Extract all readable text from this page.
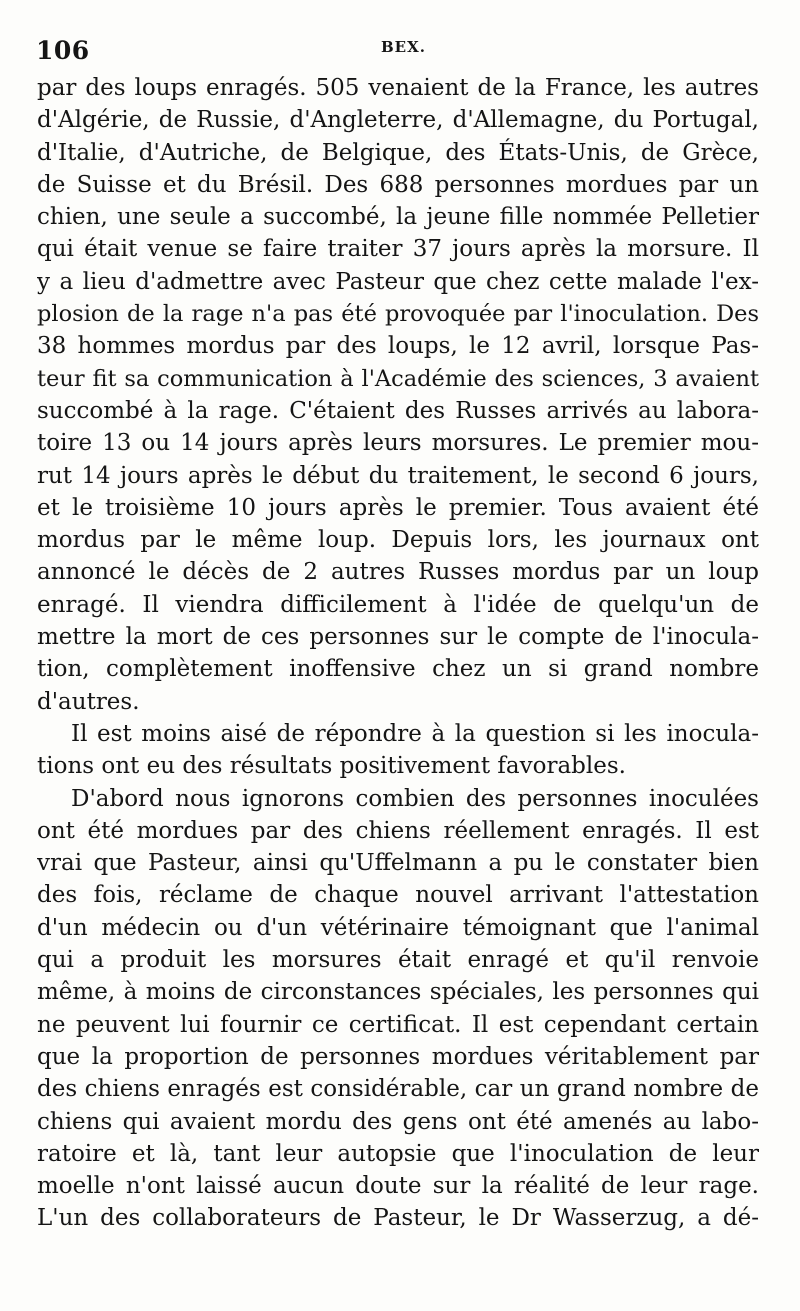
106	BEX.
par des loups enragés. 505 venaient de la France, les autres
d'Algérie, de Russie, d'Angleterre, d'Allemagne, du Portugal,
d'Italie, d'Autriche, de Belgique, des États-Unis, de Grèce,
de Suisse et du Brésil. Des 688 personnes mordues par un
chien, une seule a succombé, la jeune fille nommée Pelletier
qui était venue se faire traiter 37 jours après la morsure. Il
y a lieu d'admettre avec Pasteur que chez cette malade l'ex-
plosion de la rage n'a pas été provoquée par l'inoculation. Des
38 hommes mordus par des loups, le 12 avril, lorsque Pas-
teur fit sa communication à l'Académie des sciences, 3 avaient
succombé à la rage. C'étaient des Russes arrivés au labora-
toire 13 ou 14 jours après leurs morsures. Le premier mou-
rut 14 jours après le début du traitement, le second 6 jours,
et le troisième 10 jours après le premier. Tous avaient été
mordus par le même loup. Depuis lors, les journaux ont
annoncé le décès de 2 autres Russes mordus par un loup
enragé. Il viendra difficilement à l'idée de quelqu'un de
mettre la mort de ces personnes sur le compte de l'inocula-
tion, complètement inoffensive chez un si grand nombre
d'autres.
Il est moins aisé de répondre à la question si les inocula-
tions ont eu des résultats positivement favorables.
D'abord nous ignorons combien des personnes inoculées
ont été mordues par des chiens réellement enragés. Il est
vrai que Pasteur, ainsi qu'Uffelmann a pu le constater bien
des fois, réclame de chaque nouvel arrivant l'attestation
d'un médecin ou d'un vétérinaire témoignant que l'animal
qui a produit les morsures était enragé et qu'il renvoie
même, à moins de circonstances spéciales, les personnes qui
ne peuvent lui fournir ce certificat. Il est cependant certain
que la proportion de personnes mordues véritablement par
des chiens enragés est considérable, car un grand nombre de
chiens qui avaient mordu des gens ont été amenés au labo-
ratoire et là, tant leur autopsie que l'inoculation de leur
moelle n'ont laissé aucun doute sur la réalité de leur rage.
L'un des collaborateurs de Pasteur, le Dr Wasserzug, a dé-
